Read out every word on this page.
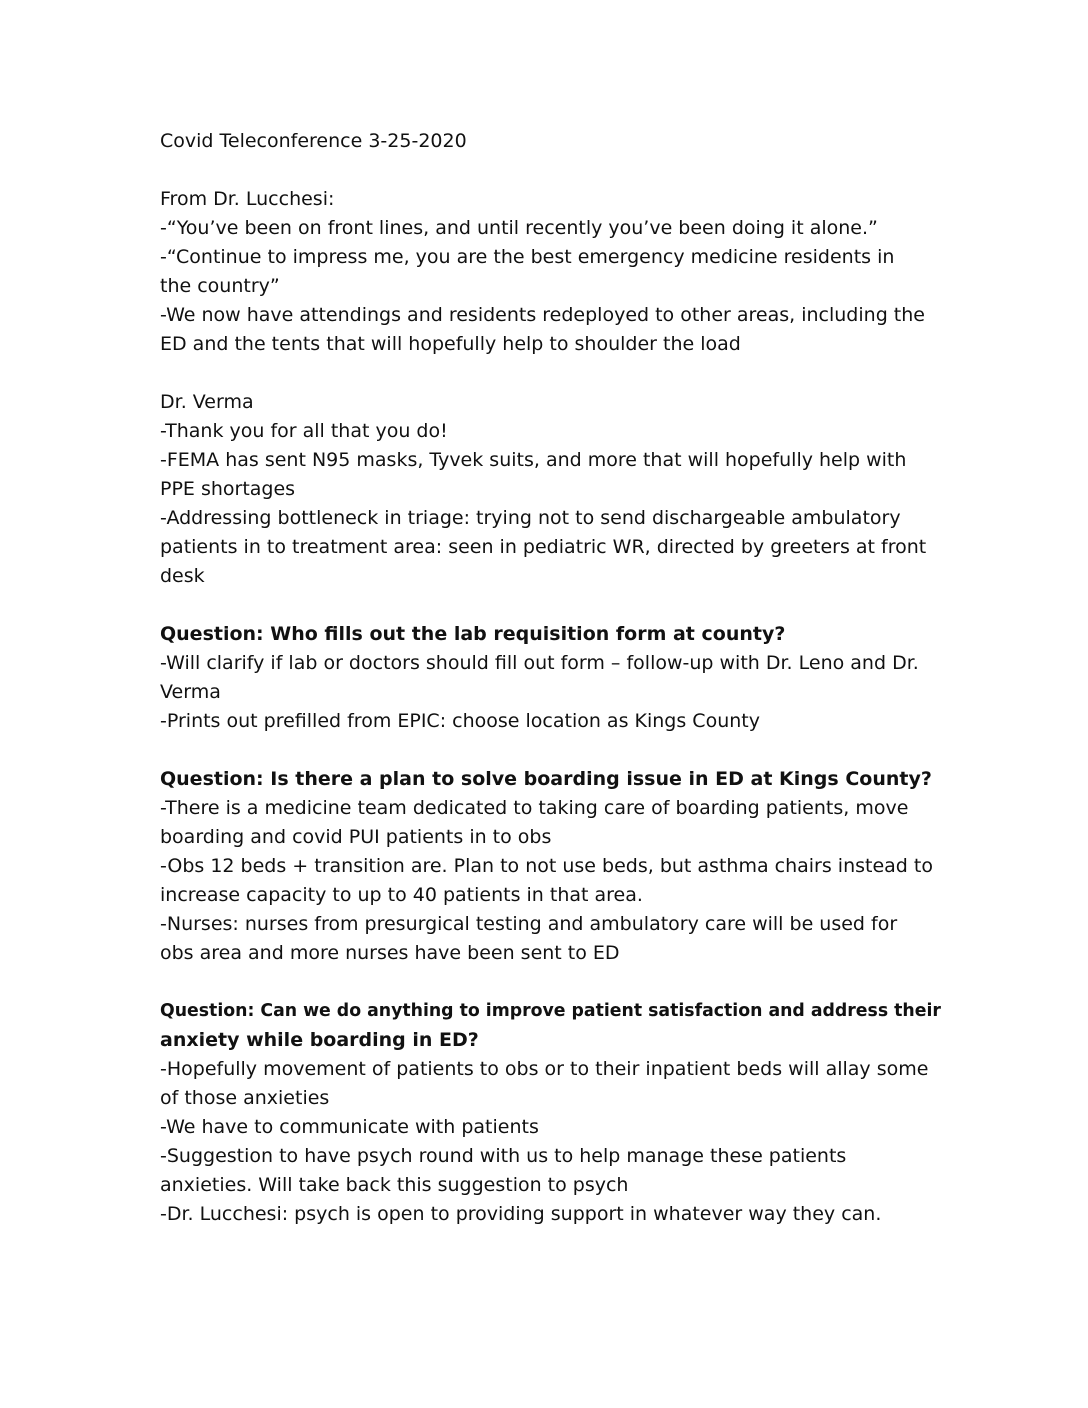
Covid Teleconference 3-25-2020
From Dr. Lucchesi:
-“You’ve been on front lines, and until recently you’ve been doing it alone.”
-“Continue to impress me, you are the best emergency medicine residents in
the country”
-We now have attendings and residents redeployed to other areas, including the
ED and the tents that will hopefully help to shoulder the load
Dr. Verma
-Thank you for all that you do!
-FEMA has sent N95 masks, Tyvek suits, and more that will hopefully help with
PPE shortages
-Addressing bottleneck in triage: trying not to send dischargeable ambulatory
patients in to treatment area: seen in pediatric WR, directed by greeters at front
desk
Question: Who fills out the lab requisition form at county?
-Will clarify if lab or doctors should fill out form – follow-up with Dr. Leno and Dr.
Verma
-Prints out prefilled from EPIC: choose location as Kings County
Question: Is there a plan to solve boarding issue in ED at Kings County?
-There is a medicine team dedicated to taking care of boarding patients, move
boarding and covid PUI patients in to obs
-Obs 12 beds + transition are. Plan to not use beds, but asthma chairs instead to
increase capacity to up to 40 patients in that area.
-Nurses: nurses from presurgical testing and ambulatory care will be used for
obs area and more nurses have been sent to ED
Question: Can we do anything to improve patient satisfaction and address their
anxiety while boarding in ED?
-Hopefully movement of patients to obs or to their inpatient beds will allay some
of those anxieties
-We have to communicate with patients
-Suggestion to have psych round with us to help manage these patients
anxieties. Will take back this suggestion to psych
-Dr. Lucchesi: psych is open to providing support in whatever way they can.
